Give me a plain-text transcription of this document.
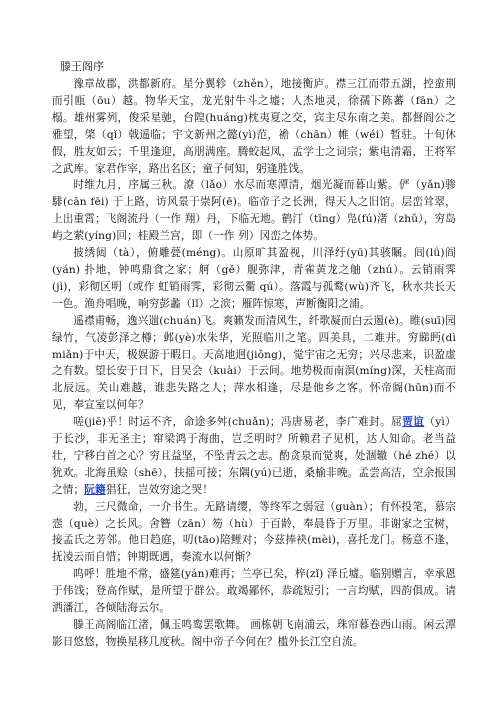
滕王阁序

豫章故郡，洪都新府。星分翼轸（zhěn），地接衡庐。襟三江而带五湖，控蛮荆而引瓯（ōu）越。物华天宝，龙光射牛斗之墟；人杰地灵，徐孺下陈蕃（fān）之榻。雄州雾列，俊采星驰，台隍(huáng)枕夷夏之交，宾主尽东南之美。都督阎公之雅望，棨（qǐ）戟遥临；宇文新州之懿(yì)范，襜（chān）帷（wéi）暂驻。十旬休假，胜友如云；千里逢迎，高朋满座。腾蛟起凤，孟学士之词宗；紫电清霜，王将军之武库。家君作宰，路出名区；童子何知，躬逢胜饯。

时维九月，序属三秋。潦（lǎo）水尽而寒潭清，烟光凝而暮山紫。俨（yǎn)骖騑(cān fēi) 于上路，访风景于崇阿(ē)。临帝子之长洲，得天人之旧馆。层峦耸翠，上出重霄；飞阁流丹（一作 翔）丹，下临无地。鹤汀（tīng）凫(fú)渚（zhǔ），穷岛屿之萦(yíng)回；桂殿兰宫，即（一作 列）冈峦之体势。

披绣闼（tà），俯雕甍(méng)。山原旷其盈视，川泽纡(yū)其骇瞩。闾(lǘ)阎(yán) 扑地，钟鸣鼎食之家；舸（gě）舰弥津，青雀黄龙之舳（zhú）。云销雨霁(jì)，彩彻区明（或作 虹销雨霁，彩彻云衢 qú）。落霞与孤鹜(wù)齐飞，秋水共长天一色。渔舟唱晚，响穷彭蠡（lǐ）之滨；雁阵惊寒，声断衡阳之浦。

遥襟甫畅，逸兴遄(chuán)飞。爽籁发而清风生，纤歌凝而白云遏(è)。睢(suī)园绿竹，气凌彭泽之樽；邺(yè)水朱华，光照临川之笔。四美具，二难并。穷睇眄(dì miǎn)于中天，极娱游于暇日。天高地迥(jiǒng)，觉宇宙之无穷；兴尽悲来，识盈虚之有数。望长安于日下，目吴会（kuài）于云间。地势极而南溟(míng)深，天柱高而北辰远。关山难越，谁悲失路之人；萍水相逢，尽是他乡之客。怀帝阍(hūn)而不见，奉宣室以何年？

嗟(jiē)乎！时运不齐，命途多舛(chuǎn)；冯唐易老，李广难封。屈贾谊（yì）于长沙，非无圣主；窜梁鸿于海曲，岂乏明时？所赖君子见机，达人知命。老当益壮，宁移白首之心？穷且益坚，不坠青云之志。酌贪泉而觉爽，处涸辙（hé zhé）以犹欢。北海虽赊（shē），扶摇可接；东隅(yú)已逝，桑榆非晚。孟尝高洁，空余报国之情；阮籍猖狂，岂效穷途之哭！

勃，三尺微命，一介书生。无路请缨，等终军之弱冠（guàn）；有怀投笔，慕宗悫（què）之长风。舍簪（zān）笏（hù）于百龄，奉晨昏于万里。非谢家之宝树，接孟氏之芳邻。他日趋庭，叨(tāo)陪鲤对；今兹捧袂(mèi)，喜托龙门。杨意不逢，抚凌云而自惜；钟期既遇，奏流水以何惭？

呜呼！胜地不常，盛筵(yán)难再；兰亭已矣，梓(zǐ) 泽丘墟。临别赠言，幸承恩于伟饯；登高作赋，是所望于群公。敢竭鄙怀，恭疏短引；一言均赋，四韵俱成。请洒潘江，各倾陆海云尔。

滕王高阁临江渚，佩玉鸣鸾罢歌舞。 画栋朝飞南浦云，珠帘暮卷西山雨。闲云潭影日悠悠，物换星移几度秋。阁中帝子今何在？槛外长江空自流。
